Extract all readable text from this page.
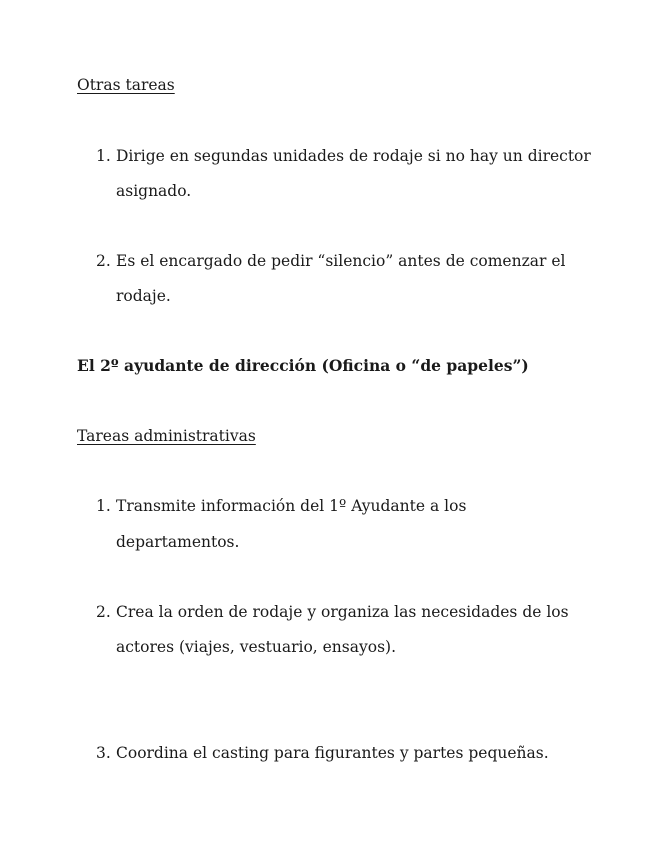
Otras tareas
1. Dirige en segundas unidades de rodaje si no hay un director
asignado.
2. Es el encargado de pedir “silencio” antes de comenzar el
rodaje.
El 2º ayudante de dirección (Oficina o “de papeles”)
Tareas administrativas
1. Transmite información del 1º Ayudante a los
departamentos.
2. Crea la orden de rodaje y organiza las necesidades de los
actores (viajes, vestuario, ensayos).
3. Coordina el casting para figurantes y partes pequeñas.
